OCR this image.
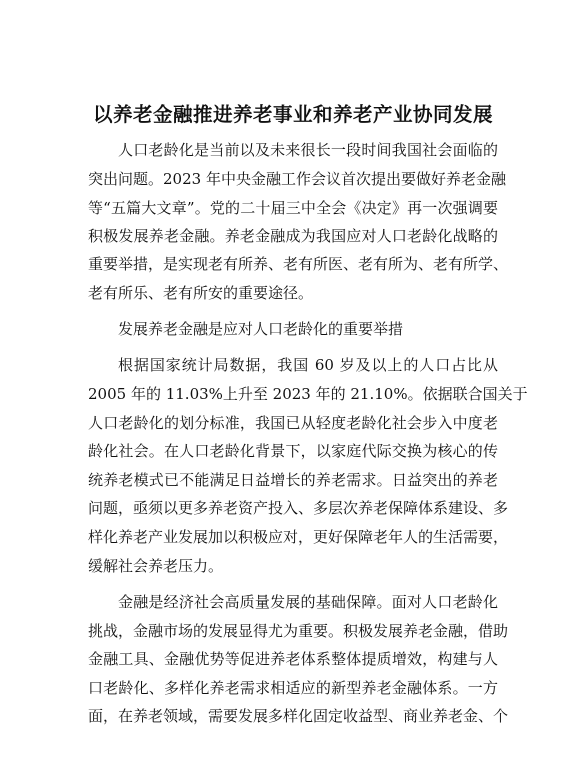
以养老金融推进养老事业和养老产业协同发展
人口老龄化是当前以及未来很长一段时间我国社会面临的
突出问题。2023 年中央金融工作会议首次提出要做好养老金融
等“五篇大文章”。党的二十届三中全会《决定》再一次强调要
积极发展养老金融。养老金融成为我国应对人口老龄化战略的
重要举措，是实现老有所养、老有所医、老有所为、老有所学、
老有所乐、老有所安的重要途径。
发展养老金融是应对人口老龄化的重要举措
根据国家统计局数据，我国 60 岁及以上的人口占比从
2005 年的 11.03%上升至 2023 年的 21.10%。依据联合国关于
人口老龄化的划分标准，我国已从轻度老龄化社会步入中度老
龄化社会。在人口老龄化背景下，以家庭代际交换为核心的传
统养老模式已不能满足日益增长的养老需求。日益突出的养老
问题，亟须以更多养老资产投入、多层次养老保障体系建设、多
样化养老产业发展加以积极应对，更好保障老年人的生活需要，
缓解社会养老压力。
金融是经济社会高质量发展的基础保障。面对人口老龄化
挑战，金融市场的发展显得尤为重要。积极发展养老金融，借助
金融工具、金融优势等促进养老体系整体提质增效，构建与人
口老龄化、多样化养老需求相适应的新型养老金融体系。一方
面，在养老领域，需要发展多样化固定收益型、商业养老金、个
